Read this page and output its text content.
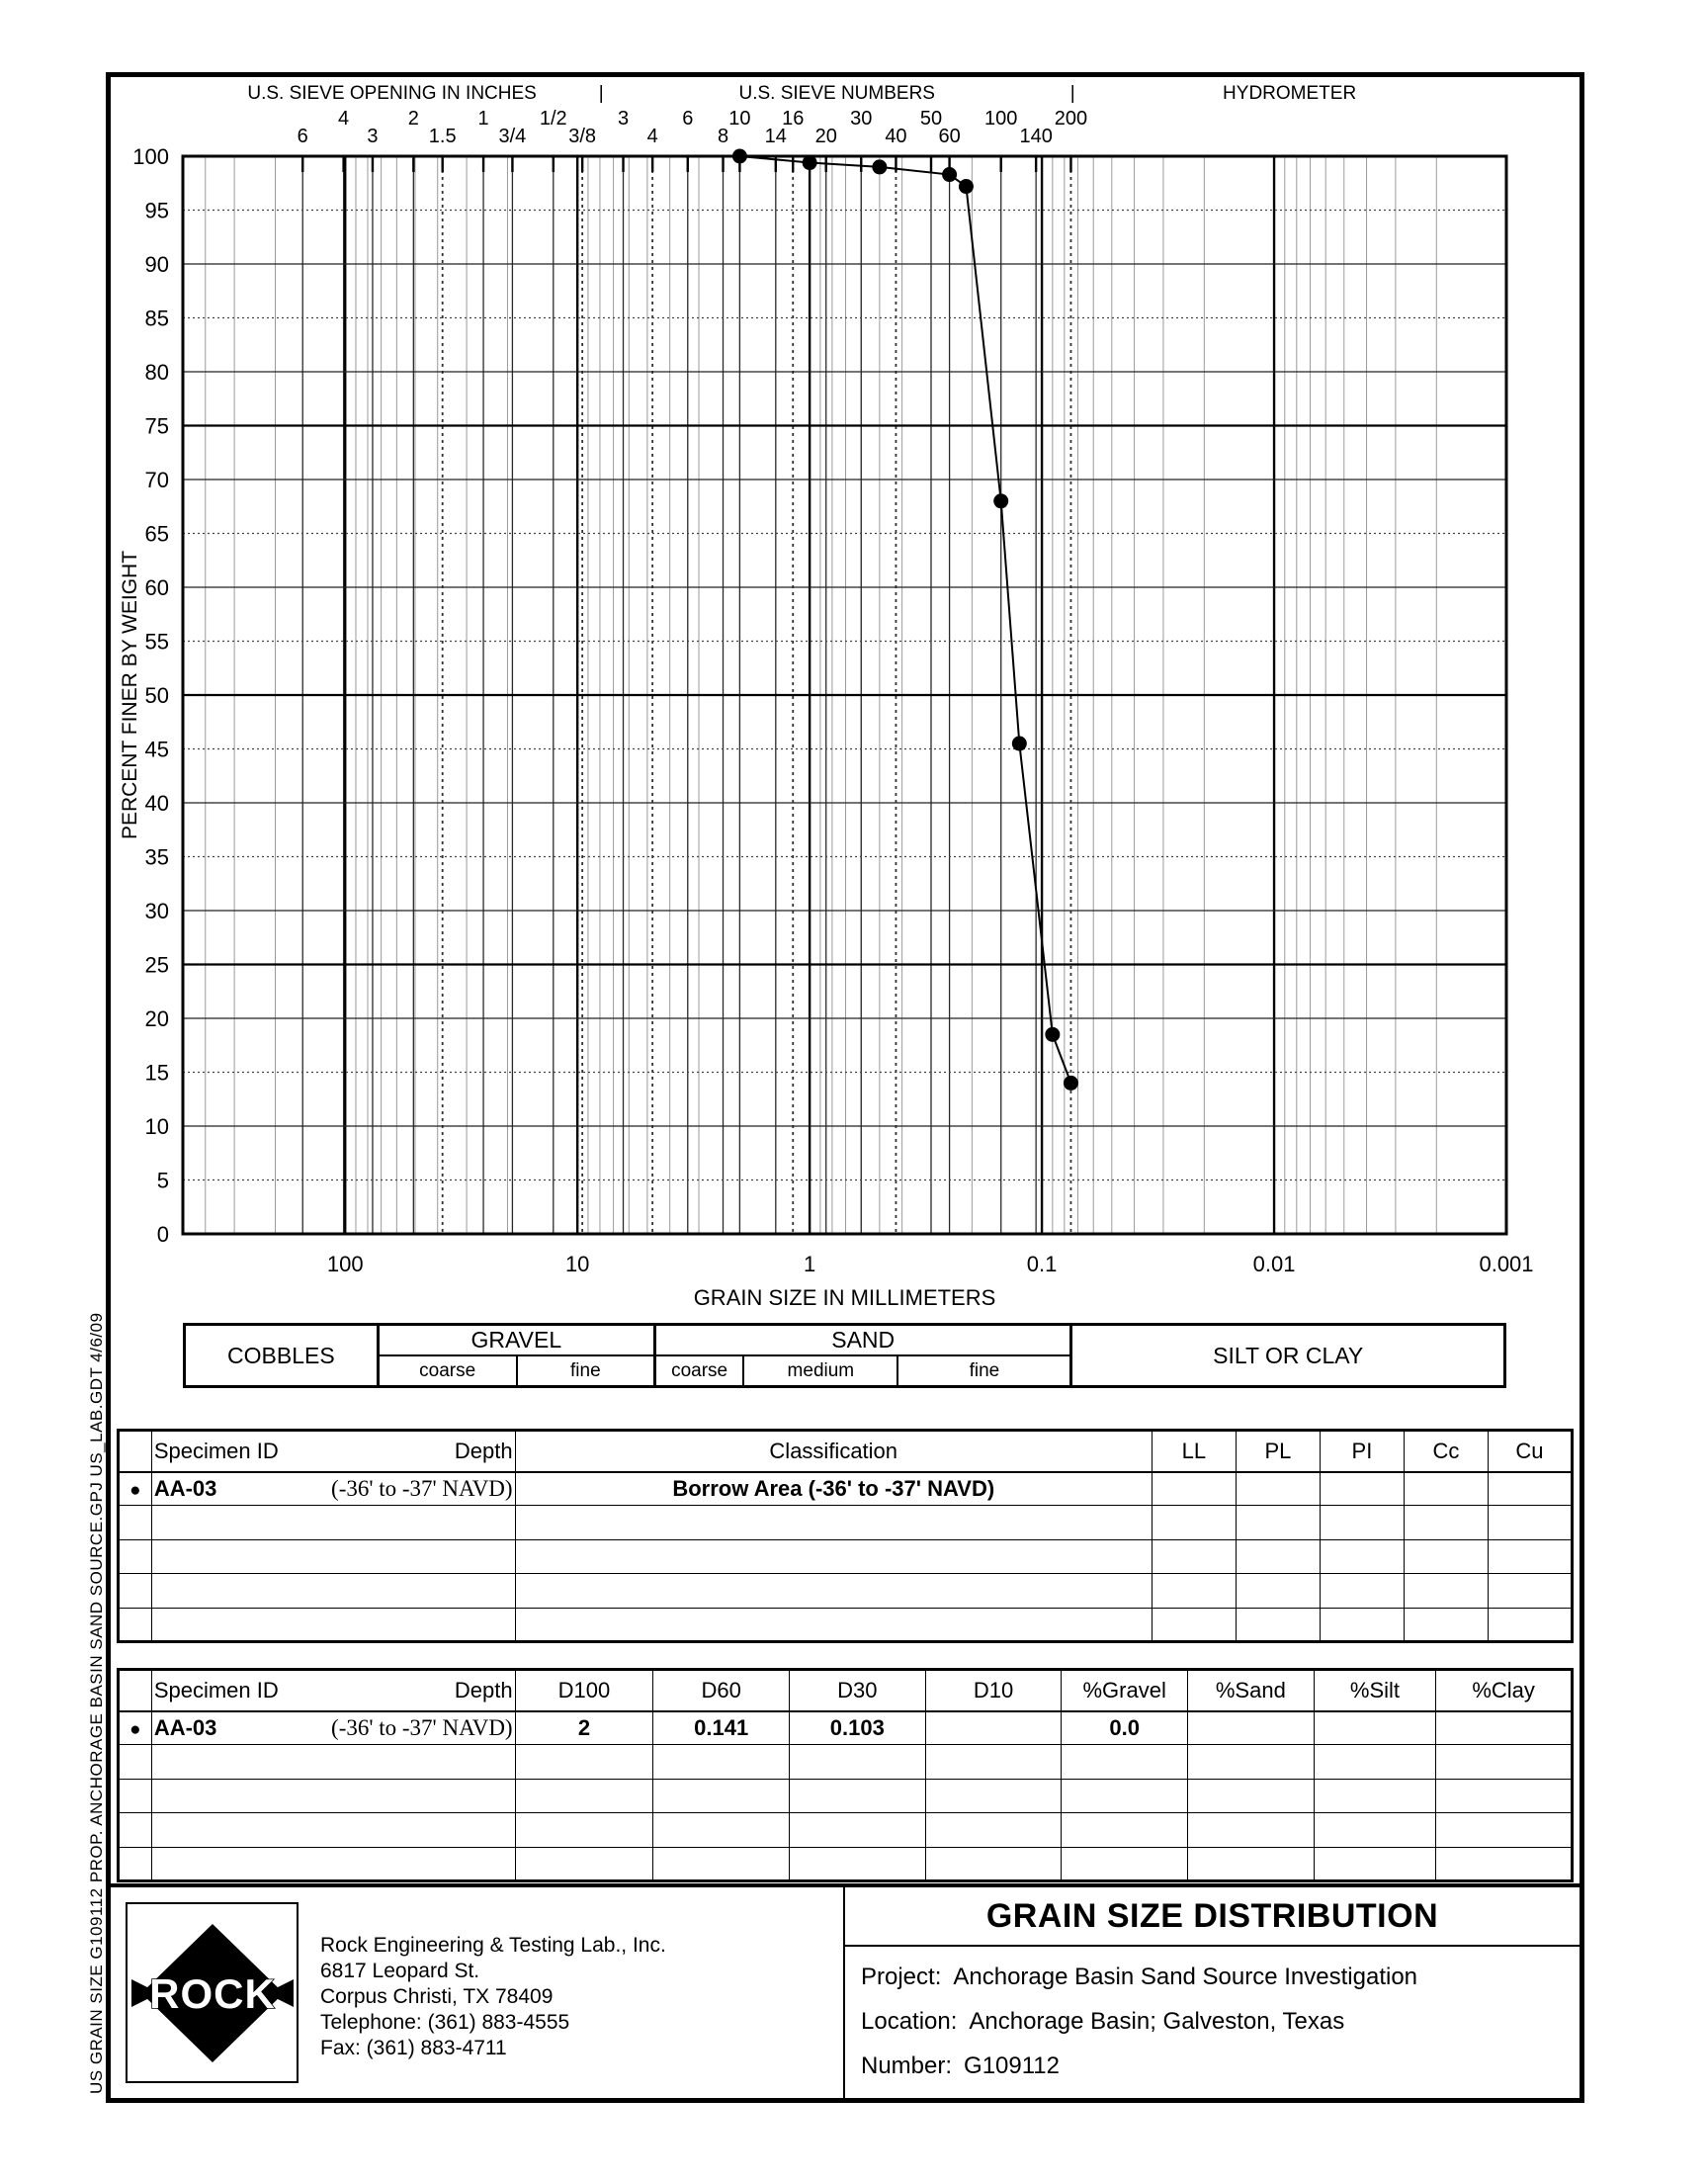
US GRAIN SIZE G109112 PROP. ANCHORAGE BASIN SAND SOURCE.GPJ US_LAB.GDT 4/6/09
6
4
3
2
1.5
1
3/4
1/2
3/8
3
4
6
8
10
14
16
20
30
40
50
60
100
140
200
U.S. SIEVE OPENING IN INCHES	U.S. SIEVE NUMBERS	HYDROMETER
|	|
0
5
10
15
20
25
30
35
40
45
50
55
60
65
70
75
80
85
90
95
100
PERCENT FINER BY WEIGHT
100	10	1	0.1	0.01	0.001
GRAIN SIZE IN MILLIMETERS
COBBLES
GRAVEL
coarse	fine
SAND
coarse	medium	fine
SILT OR CLAY

	Specimen ID Depth	Classification	LL	PL	PI	Cc	Cu
●	AA-03 (-36' to -37' NAVD)	Borrow Area (-36' to -37' NAVD)					

	Specimen ID Depth	D100	D60	D30	D10	%Gravel	%Sand	%Silt	%Clay
●	AA-03 (-36' to -37' NAVD)	2	0.141	0.103		0.0			

ROCK
Rock Engineering & Testing Lab., Inc.
6817 Leopard St.
Corpus Christi, TX 78409
Telephone: (361) 883-4555
Fax: (361) 883-4711
GRAIN SIZE DISTRIBUTION
Project: Anchorage Basin Sand Source Investigation
Location: Anchorage Basin; Galveston, Texas
Number: G109112
